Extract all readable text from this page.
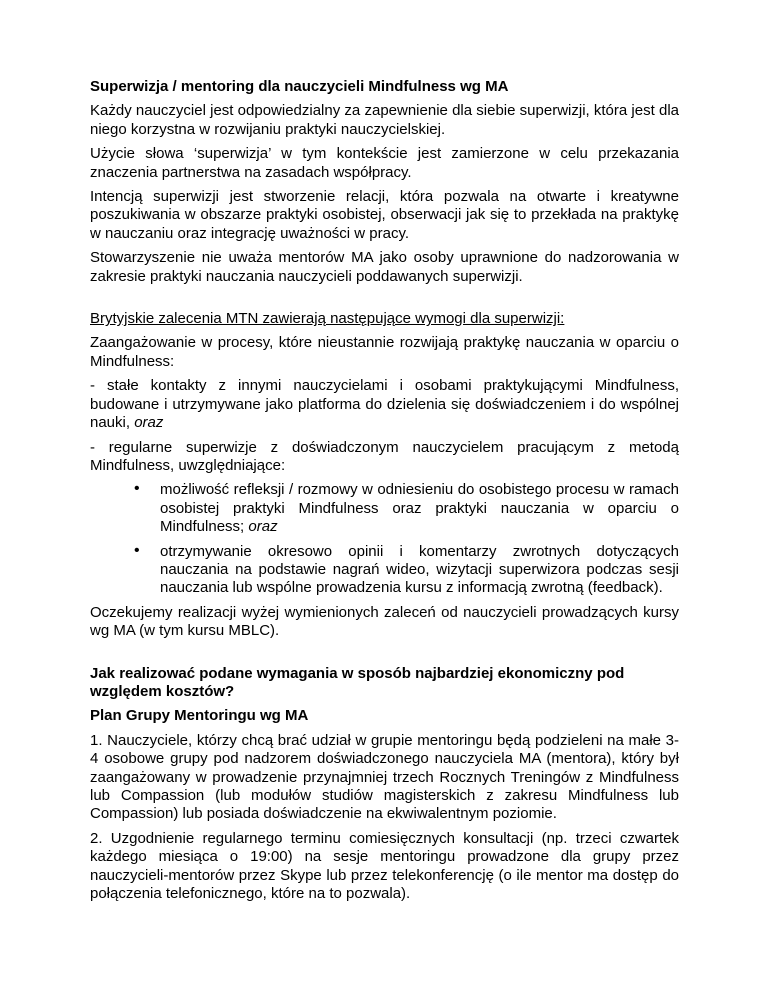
Superwizja / mentoring dla nauczycieli Mindfulness wg MA

Każdy nauczyciel jest odpowiedzialny za zapewnienie dla siebie superwizji, która jest dla niego korzystna w rozwijaniu praktyki nauczycielskiej.

Użycie słowa ‘superwizja’ w tym kontekście jest zamierzone w celu przekazania znaczenia partnerstwa na zasadach współpracy.

Intencją superwizji jest stworzenie relacji, która pozwala na otwarte i kreatywne poszukiwania w obszarze praktyki osobistej, obserwacji jak się to przekłada na praktykę w nauczaniu oraz integrację uważności w pracy.

Stowarzyszenie nie uważa mentorów MA jako osoby uprawnione do nadzorowania w zakresie praktyki nauczania nauczycieli poddawanych superwizji.

Brytyjskie zalecenia MTN zawierają następujące wymogi dla superwizji:

Zaangażowanie w procesy, które nieustannie rozwijają praktykę nauczania w oparciu o Mindfulness:

- stałe kontakty z innymi nauczycielami i osobami praktykującymi Mindfulness, budowane i utrzymywane jako platforma do dzielenia się doświadczeniem i do wspólnej nauki, oraz

- regularne superwizje z doświadczonym nauczycielem pracującym z metodą Mindfulness, uwzględniające:

• możliwość refleksji / rozmowy w odniesieniu do osobistego procesu w ramach osobistej praktyki Mindfulness oraz praktyki nauczania w oparciu o Mindfulness; oraz
• otrzymywanie okresowo opinii i komentarzy zwrotnych dotyczących nauczania na podstawie nagrań wideo, wizytacji superwizora podczas sesji nauczania lub wspólne prowadzenia kursu z informacją zwrotną (feedback).

Oczekujemy realizacji wyżej wymienionych zaleceń od nauczycieli prowadzących kursy wg MA (w tym kursu MBLC).

Jak realizować podane wymagania w sposób najbardziej ekonomiczny pod względem kosztów?

Plan Grupy Mentoringu wg MA

1. Nauczyciele, którzy chcą brać udział w grupie mentoringu będą podzieleni na małe 3-4 osobowe grupy pod nadzorem doświadczonego nauczyciela MA (mentora), który był zaangażowany w prowadzenie przynajmniej trzech Rocznych Treningów z Mindfulness lub Compassion (lub modułów studiów magisterskich z zakresu Mindfulness lub Compassion) lub posiada doświadczenie na ekwiwalentnym poziomie.

2. Uzgodnienie regularnego terminu comiesięcznych konsultacji (np. trzeci czwartek każdego miesiąca o 19:00) na sesje mentoringu prowadzone dla grupy przez nauczycieli-mentorów przez Skype lub przez telekonferencję (o ile mentor ma dostęp do połączenia telefonicznego, które na to pozwala).
